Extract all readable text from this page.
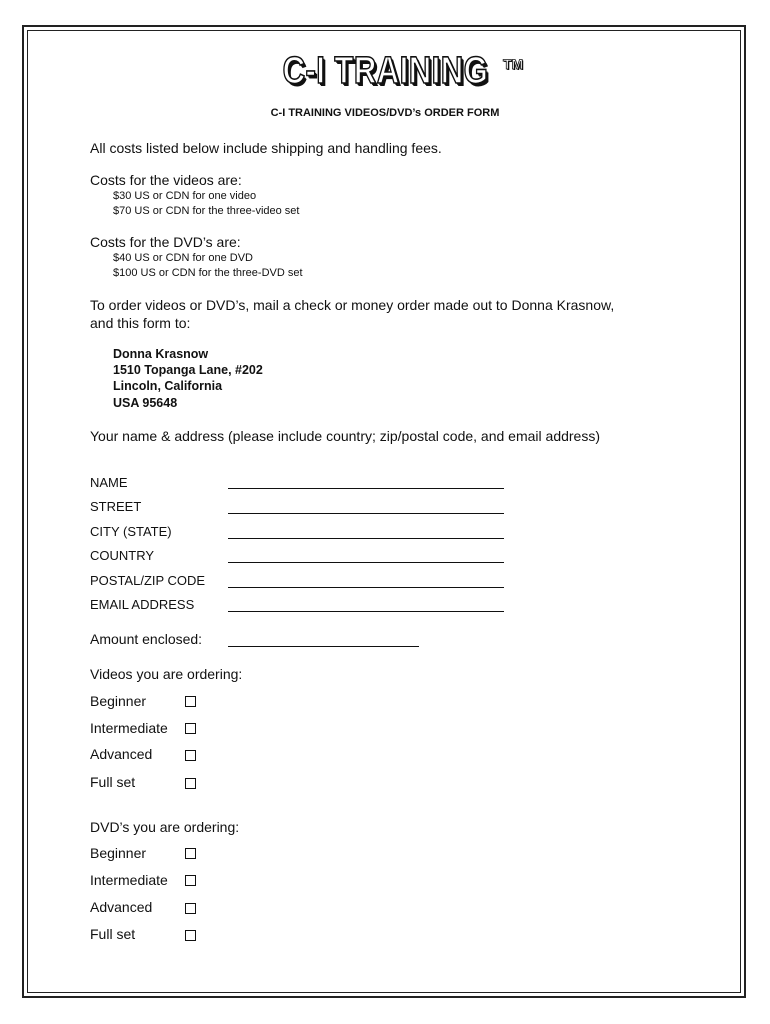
C-I TRAINING TM
C-I TRAINING VIDEOS/DVD’s ORDER FORM
All costs listed below include shipping and handling fees.
Costs for the videos are:
$30 US or CDN for one video
$70 US or CDN for the three-video set
Costs for the DVD’s are:
$40 US or CDN for one DVD
$100 US or CDN for the three-DVD set
To order videos or DVD’s, mail a check or money order made out to Donna Krasnow,
and this form to:
Donna Krasnow
1510 Topanga Lane, #202
Lincoln, California
USA 95648
Your name & address (please include country; zip/postal code, and email address)
NAME
STREET
CITY (STATE)
COUNTRY
POSTAL/ZIP CODE
EMAIL ADDRESS
Amount enclosed:
Videos you are ordering:
Beginner
Intermediate
Advanced
Full set
DVD’s you are ordering:
Beginner
Intermediate
Advanced
Full set
